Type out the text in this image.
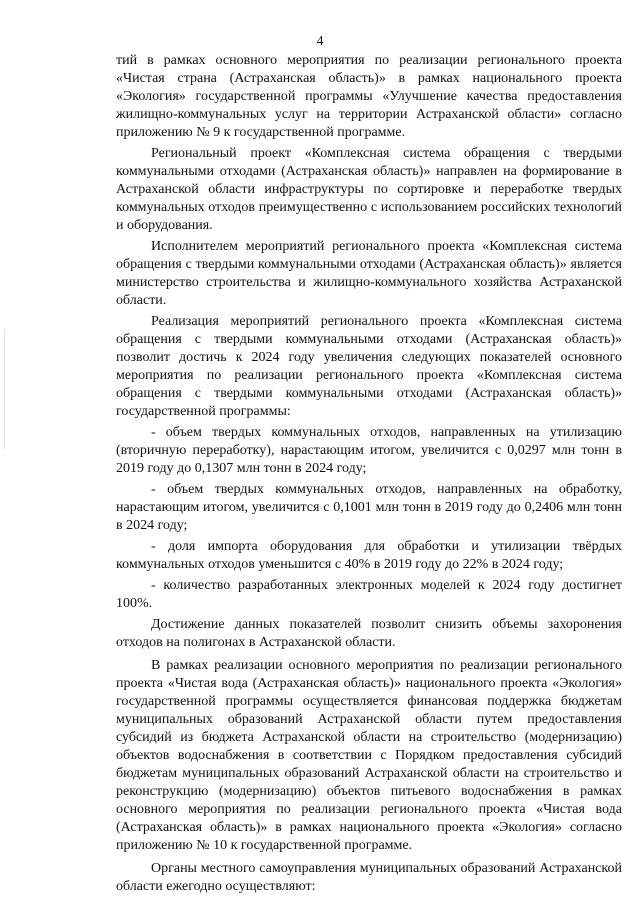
4

тий в рамках основного мероприятия по реализации регионального проекта «Чистая страна (Астраханская область)» в рамках национального проекта «Экология» государственной программы «Улучшение качества предоставления жилищно-коммунальных услуг на территории Астраханской области» согласно приложению № 9 к государственной программе.

Региональный проект «Комплексная система обращения с твердыми коммунальными отходами (Астраханская область)» направлен на формирование в Астраханской области инфраструктуры по сортировке и переработке твердых коммунальных отходов преимущественно с использованием российских технологий и оборудования.

Исполнителем мероприятий регионального проекта «Комплексная система обращения с твердыми коммунальными отходами (Астраханская область)» является министерство строительства и жилищно-коммунального хозяйства Астраханской области.

Реализация мероприятий регионального проекта «Комплексная система обращения с твердыми коммунальными отходами (Астраханская область)» позволит достичь к 2024 году увеличения следующих показателей основного мероприятия по реализации регионального проекта «Комплексная система обращения с твердыми коммунальными отходами (Астраханская область)» государственной программы:

- объем твердых коммунальных отходов, направленных на утилизацию (вторичную переработку), нарастающим итогом, увеличится с 0,0297 млн тонн в 2019 году до 0,1307 млн тонн в 2024 году;

- объем твердых коммунальных отходов, направленных на обработку, нарастающим итогом, увеличится с 0,1001 млн тонн в 2019 году до 0,2406 млн тонн в 2024 году;

- доля импорта оборудования для обработки и утилизации твёрдых коммунальных отходов уменьшится с 40% в 2019 году до 22% в 2024 году;

- количество разработанных электронных моделей к 2024 году достигнет 100%.

Достижение данных показателей позволит снизить объемы захоронения отходов на полигонах в Астраханской области.

В рамках реализации основного мероприятия по реализации регионального проекта «Чистая вода (Астраханская область)» национального проекта «Экология» государственной программы осуществляется финансовая поддержка бюджетам муниципальных образований Астраханской области путем предоставления субсидий из бюджета Астраханской области на строительство (модернизацию) объектов водоснабжения в соответствии с Порядком предоставления субсидий бюджетам муниципальных образований Астраханской области на строительство и реконструкцию (модернизацию) объектов питьевого водоснабжения в рамках основного мероприятия по реализации регионального проекта «Чистая вода (Астраханская область)» в рамках национального проекта «Экология» согласно приложению № 10 к государственной программе.

Органы местного самоуправления муниципальных образований Астраханской области ежегодно осуществляют:
